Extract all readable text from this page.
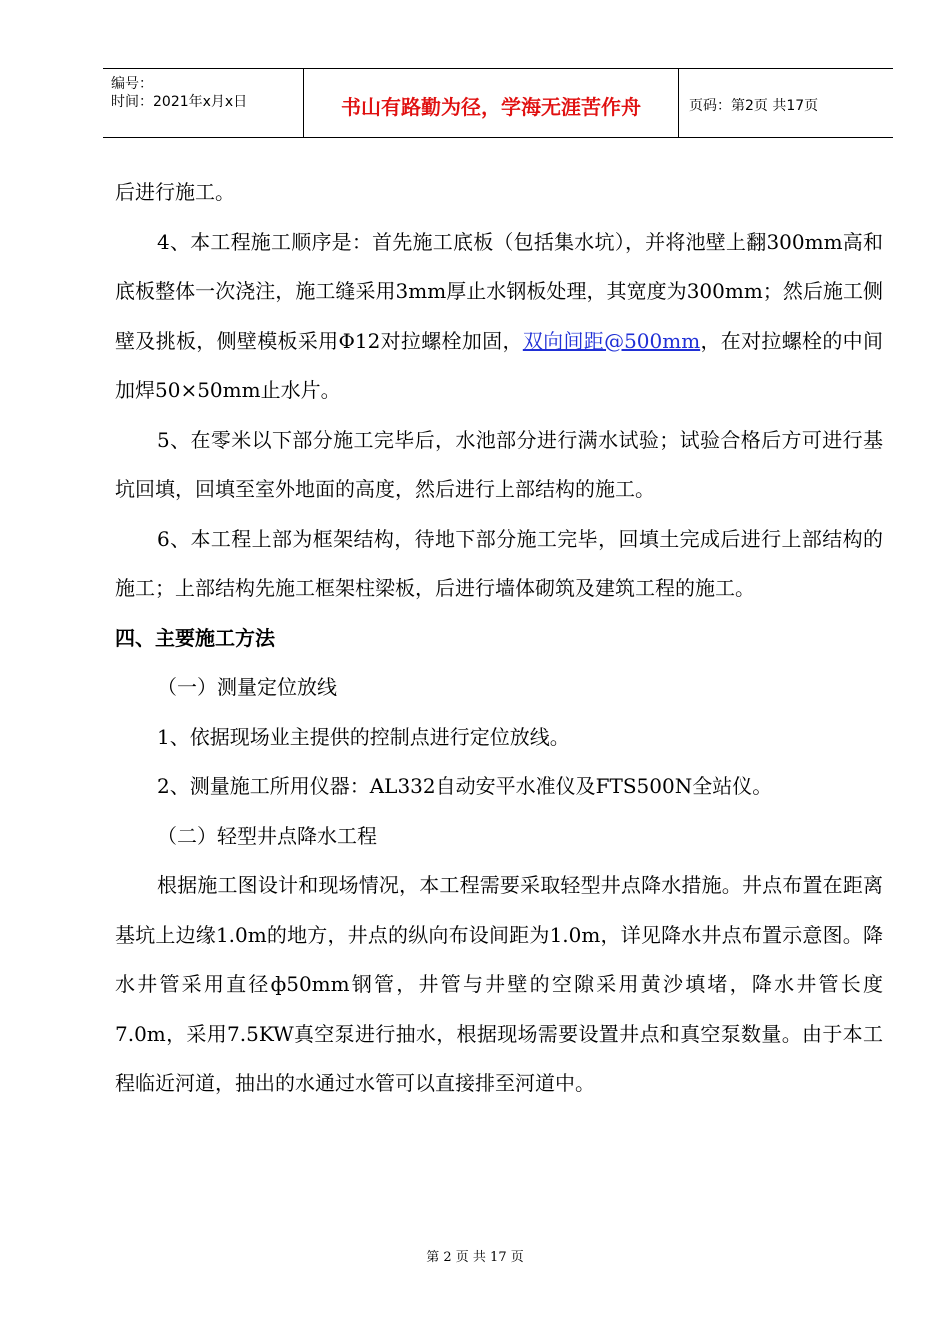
编号：
时间：2021年x月x日	书山有路勤为径，学海无涯苦作舟	页码：第2页 共17页

后进行施工。

4、本工程施工顺序是：首先施工底板（包括集水坑），并将池壁上翻300mm高和底板整体一次浇注，施工缝采用3mm厚止水钢板处理，其宽度为300mm；然后施工侧壁及挑板，侧壁模板采用Φ12对拉螺栓加固，双向间距@500mm，在对拉螺栓的中间加焊50×50mm止水片。

5、在零米以下部分施工完毕后，水池部分进行满水试验；试验合格后方可进行基坑回填，回填至室外地面的高度，然后进行上部结构的施工。

6、本工程上部为框架结构，待地下部分施工完毕，回填土完成后进行上部结构的施工；上部结构先施工框架柱梁板，后进行墙体砌筑及建筑工程的施工。

四、主要施工方法

（一）测量定位放线

1、依据现场业主提供的控制点进行定位放线。

2、测量施工所用仪器：AL332自动安平水准仪及FTS500N全站仪。

（二）轻型井点降水工程

根据施工图设计和现场情况，本工程需要采取轻型井点降水措施。井点布置在距离基坑上边缘1.0m的地方，井点的纵向布设间距为1.0m，详见降水井点布置示意图。降水井管采用直径ф50mm钢管，井管与井壁的空隙采用黄沙填堵，降水井管长度7.0m，采用7.5KW真空泵进行抽水，根据现场需要设置井点和真空泵数量。由于本工程临近河道，抽出的水通过水管可以直接排至河道中。

第 2 页 共 17 页
